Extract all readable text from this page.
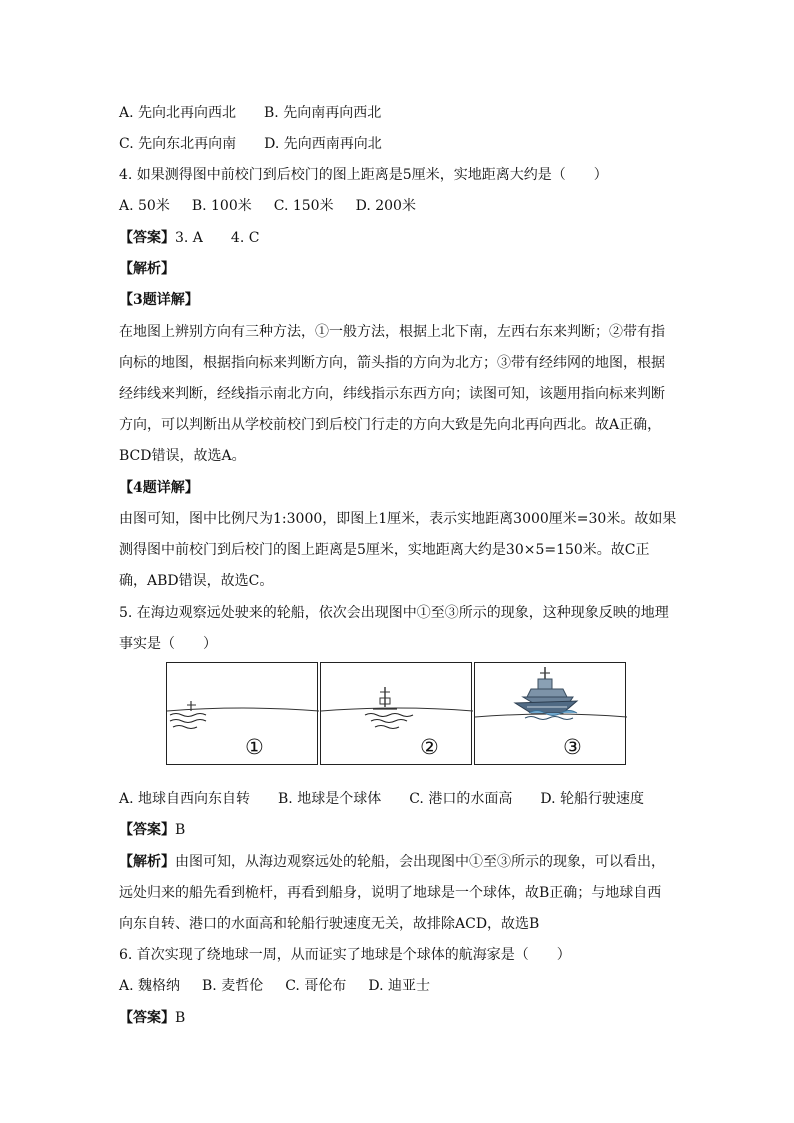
A. 先向北再向西北 B. 先向南再向西北
C. 先向东北再向南 D. 先向西南再向北
4. 如果测得图中前校门到后校门的图上距离是5厘米，实地距离大约是（　　）
A. 50米 B. 100米 C. 150米 D. 200米
【答案】3. A　　4. C
【解析】
【3题详解】
在地图上辨别方向有三种方法，①一般方法，根据上北下南，左西右东来判断；②带有指
向标的地图，根据指向标来判断方向，箭头指的方向为北方；③带有经纬网的地图，根据
经纬线来判断，经线指示南北方向，纬线指示东西方向；读图可知，该题用指向标来判断
方向，可以判断出从学校前校门到后校门行走的方向大致是先向北再向西北。故A正确，
BCD错误，故选A。
【4题详解】
由图可知，图中比例尺为1:3000，即图上1厘米，表示实地距离3000厘米=30米。故如果
测得图中前校门到后校门的图上距离是5厘米，实地距离大约是30×5=150米。故C正
确，ABD错误，故选C。
5. 在海边观察远处驶来的轮船，依次会出现图中①至③所示的现象，这种现象反映的地理
事实是（　　）
①	②	③
A. 地球自西向东自转 B. 地球是个球体 C. 港口的水面高 D. 轮船行驶速度
【答案】B
【解析】由图可知，从海边观察远处的轮船，会出现图中①至③所示的现象，可以看出，
远处归来的船先看到桅杆，再看到船身，说明了地球是一个球体，故B正确；与地球自西
向东自转、港口的水面高和轮船行驶速度无关，故排除ACD，故选B
6. 首次实现了绕地球一周，从而证实了地球是个球体的航海家是（　　）
A. 魏格纳 B. 麦哲伦 C. 哥伦布 D. 迪亚士
【答案】B
